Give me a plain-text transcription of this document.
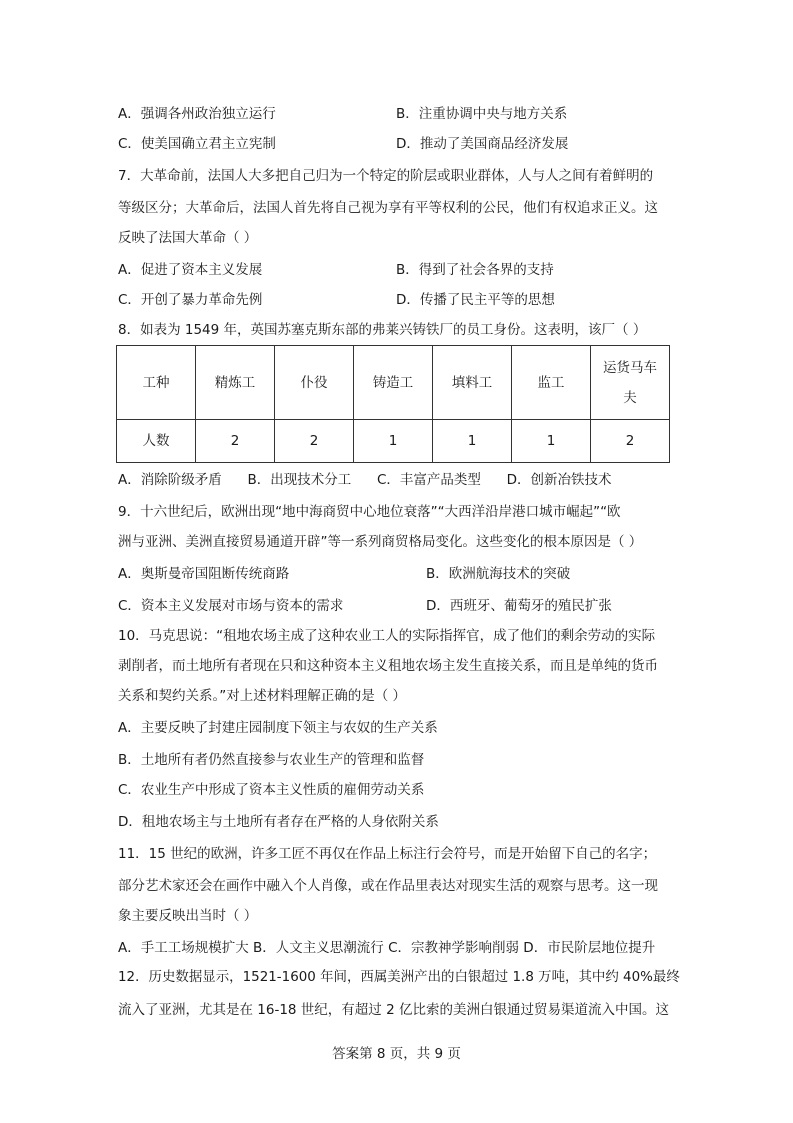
A．强调各州政治独立运行	B．注重协调中央与地方关系
C．使美国确立君主立宪制	D．推动了美国商品经济发展
7．大革命前，法国人大多把自己归为一个特定的阶层或职业群体，人与人之间有着鲜明的
等级区分；大革命后，法国人首先将自己视为享有平等权利的公民，他们有权追求正义。这
反映了法国大革命（ ）
A．促进了资本主义发展	B．得到了社会各界的支持
C．开创了暴力革命先例	D．传播了民主平等的思想
8．如表为 1549 年，英国苏塞克斯东部的弗莱兴铸铁厂的员工身份。这表明，该厂（ ）
工种	精炼工	仆役	铸造工	填料工	监工	运货马车夫
人数	2	2	1	1	1	2
A．消除阶级矛盾      B．出现技术分工      C．丰富产品类型      D．创新冶铁技术
9．十六世纪后，欧洲出现“地中海商贸中心地位衰落”“大西洋沿岸港口城市崛起”“欧
洲与亚洲、美洲直接贸易通道开辟”等一系列商贸格局变化。这些变化的根本原因是（ ）
A．奥斯曼帝国阻断传统商路	B．欧洲航海技术的突破
C．资本主义发展对市场与资本的需求	D．西班牙、葡萄牙的殖民扩张
10．马克思说：“租地农场主成了这种农业工人的实际指挥官，成了他们的剩余劳动的实际
剥削者，而土地所有者现在只和这种资本主义租地农场主发生直接关系，而且是单纯的货币
关系和契约关系。”对上述材料理解正确的是（ ）
A．主要反映了封建庄园制度下领主与农奴的生产关系
B．土地所有者仍然直接参与农业生产的管理和监督
C．农业生产中形成了资本主义性质的雇佣劳动关系
D．租地农场主与土地所有者存在严格的人身依附关系
11．15 世纪的欧洲，许多工匠不再仅在作品上标注行会符号，而是开始留下自己的名字；
部分艺术家还会在画作中融入个人肖像，或在作品里表达对现实生活的观察与思考。这一现
象主要反映出当时（ ）
A．手工工场规模扩大 B．人文主义思潮流行 C．宗教神学影响削弱 D．市民阶层地位提升
12．历史数据显示，1521-1600 年间，西属美洲产出的白银超过 1.8 万吨，其中约 40%最终
流入了亚洲，尤其是在 16-18 世纪，有超过 2 亿比索的美洲白银通过贸易渠道流入中国。这
答案第 8 页，共 9 页
